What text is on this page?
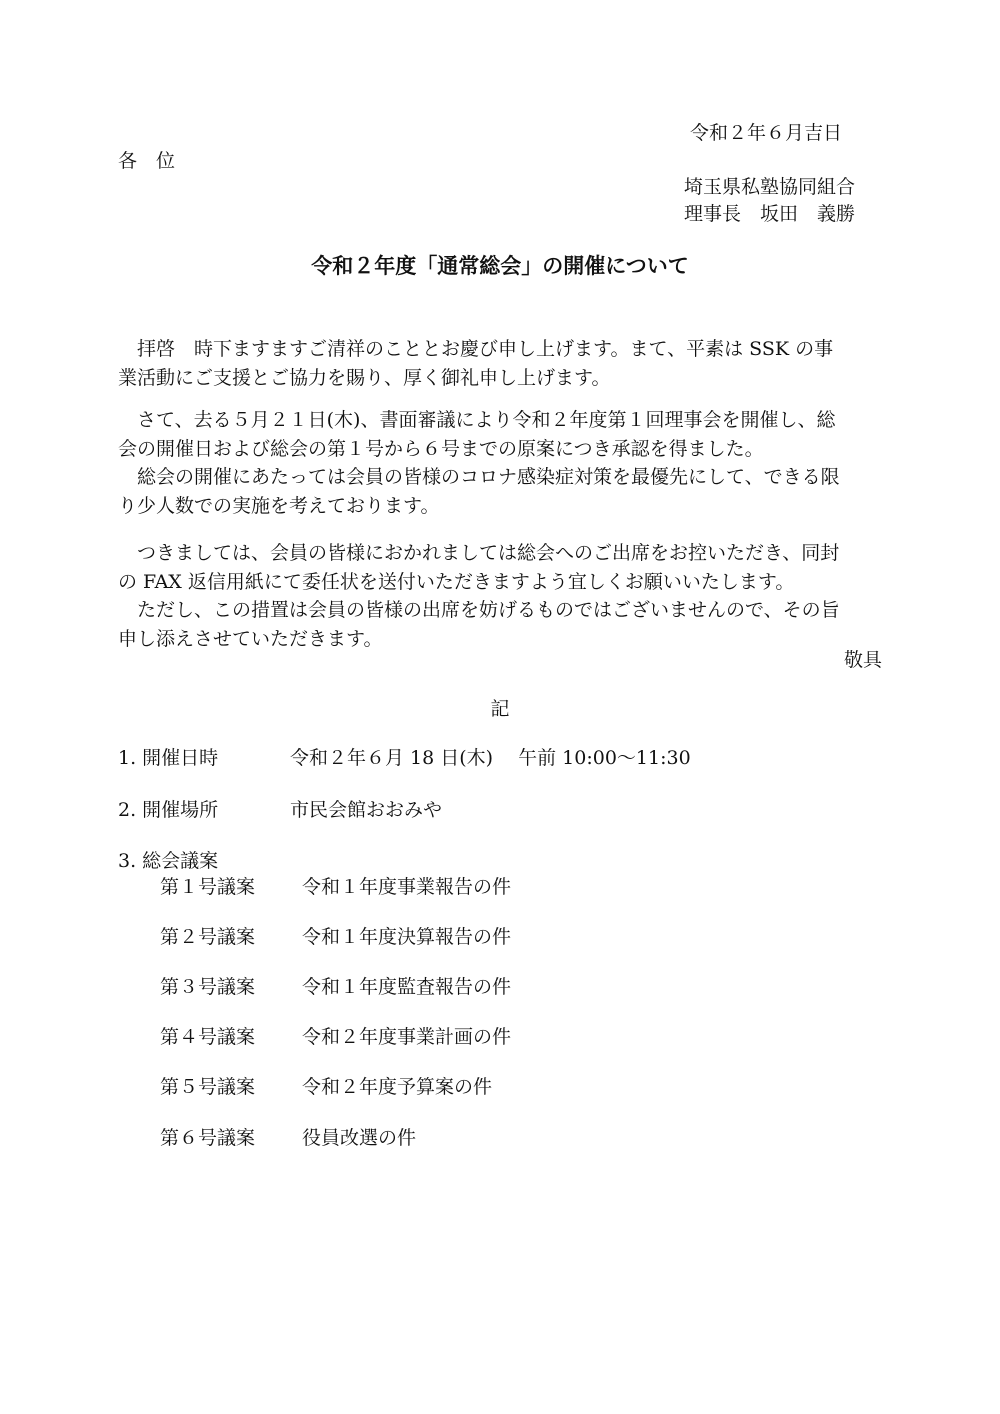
令和２年６月吉日
各　位
埼玉県私塾協同組合
理事長　坂田　義勝
令和２年度「通常総会」の開催について
　拝啓　時下ますますご清祥のこととお慶び申し上げます。まて、平素は SSK の事
業活動にご支援とご協力を賜り、厚く御礼申し上げます。
　さて、去る５月２１日(木)、書面審議により令和２年度第１回理事会を開催し、総
会の開催日および総会の第１号から６号までの原案につき承認を得ました。
　総会の開催にあたっては会員の皆様のコロナ感染症対策を最優先にして、できる限
り少人数での実施を考えております。
　つきましては、会員の皆様におかれましては総会へのご出席をお控いただき、同封
の FAX 返信用紙にて委任状を送付いただきますよう宜しくお願いいたします。
　ただし、この措置は会員の皆様の出席を妨げるものではございませんので、その旨
申し添えさせていただきます。
敬具
記
1. 開催日時	令和２年６月 18 日(木)　 午前 10:00～11:30
2. 開催場所	市民会館おおみや
3. 総会議案
第１号議案 令和１年度事業報告の件
第２号議案 令和１年度決算報告の件
第３号議案 令和１年度監査報告の件
第４号議案 令和２年度事業計画の件
第５号議案 令和２年度予算案の件
第６号議案 役員改選の件
